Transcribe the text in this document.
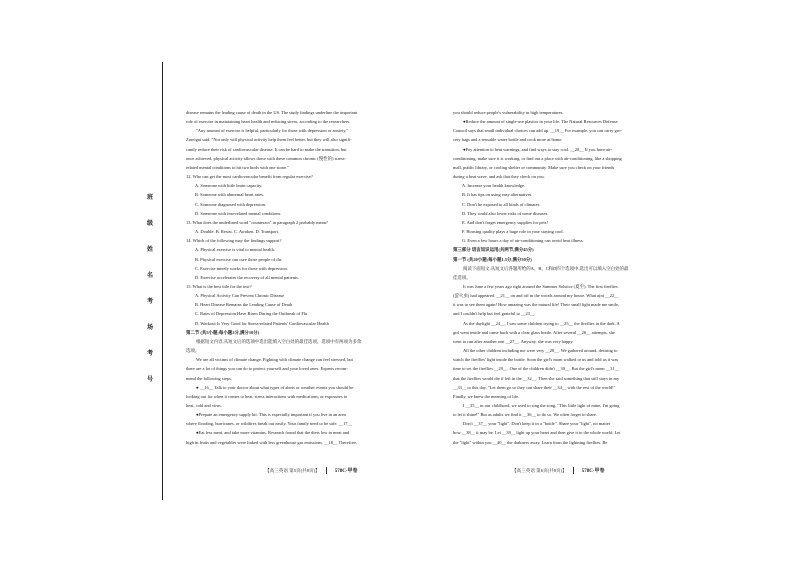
班
级
姓
名
考
场
考
号

disease remains the leading cause of death in the US. The study findings underline the important

role of exercise in maintaining heart health and reducing stress, according to the researchers.

"Any amount of exercise is helpful, particularly for those with depression or anxiety,"

Zureigat said. "Not only will physical activity help them feel better, but they will also signifi-

cantly reduce their risk of cardiovascular disease. It can be hard to make the transition, but

once achieved, physical activity allows those with these common chronic (慢性的) stress-

related mental conditions to hit two birds with one stone."

12. Who can get the most cardiovascular benefit from regular exercise?

A. Someone with little brain capacity.

B. Someone with abnormal heart rates.

C. Someone diagnosed with depression.

D. Someone with fear-related mental conditions.

13. What does the underlined word "counteract" in paragraph 2 probably mean?

A. Double. B. Resist. C. Awaken. D. Transport.

14. Which of the following may the findings support?

A. Physical exercise is vital to mental health.

B. Physical exercise can cure those people of flu.

C. Exercise merely works for those with depression.

D. Exercise accelerates the recovery of all mental patients.

15. What is the best title for the text?

A. Physical Activity Can Prevent Chronic Disease

B. Heart Disease Remains the Leading Cause of Death

C. Rates of Depression Have Risen During the Outbreak of Flu

D. Workout Is Very Good for Stress-related Patients' Cardiovascular Health

第二节 (共5小题;每小题2分,满分10分)

根据短文内容,从短文后的选项中选出能填入空白处的最佳选项。选项中有两项为多余

选项。

We are all victims of climate change. Fighting with climate change can feel stressed, but

there are a lot of things you can do to protect yourself and your loved ones. Experts recom-

mend the following steps.

● __16__ Talk to your doctor about what types of alerts or weather events you should be

looking out for when it comes to heat, stress interactions with medications, or exposures to

heat, cold and virus.

●Prepare an emergency supply kit. This is especially important if you live in an area

where flooding, hurricanes, or wildfires break out easily. Your family need to be safe. __17__

●Eat less meat, and take more vitamins. Research found that the diets low in meat and

high in fruits and vegetables were linked with less greenhouse gas emissions. __18__ Therefore,

【高三英语 第5页(共8页)】	578C-甲卷

you should reduce people's vulnerability in high temperatures.

●Reduce the amount of single-use plastics in your life. The Natural Resources Defense

Council says that small individual choices can add up. __19__ For example, you can carry gro-

cery bags and a reusable water bottle and cook more at home.

●Pay attention to heat warnings, and find ways to stay cool. __20__ If you have air-

conditioning, make sure it is working, or find out a place with air-conditioning, like a shopping

mall, public library, or cooling shelter or community. Make sure you check on your friends

during a heat wave, and ask that they check on you.

A. Increase your health knowledge.

B. It has tips on using easy alternatives.

C. Don't be exposed to all kinds of climates.

D. They could also lower risks of some diseases.

E. And don't forget emergency supplies for pets!

F. Housing quality plays a huge role in your staying cool.

G. Even a few hours a day of air-conditioning can avoid heat illness.

第三部分 语言知识运用(共两节,满分45分)

第一节 (共20小题;每小题1.5分,满分30分)

阅读下面短文,从短文后各题所给的A、B、C和D四个选项中,选出可以填入空白处的最

佳选项。

It was June a few years ago right around the Summer Solstice (夏至). The first fireflies

(萤火虫) had appeared. __21__ on and off in the woods around my house. What a(n) __22__

it was to see them again! How amazing was the natural life! Their small light made me smile,

and I couldn't help but feel grateful to __23__.

As the daylight __24__, I saw some children trying to __25__ the fireflies in the dark. A

girl went inside and came back with a clear glass bottle. After several __26__ attempts, she

went to run after another one __27__. Anyway, she was very happy.

All the other children including me were very __28__. We gathered around, desiring to

watch the fireflies' light inside the bottle. Soon the girl's mom walked to us and told us it was

time to set the fireflies __29__. One of the children didn't __30__. But the girl's mom __31__

that the fireflies would die if left in the __32__. Then she said something that still stays in my

__33__ to this day. "Let them go so they can share their __34__ with the rest of the world!"

Finally, we knew the meaning of life.

I __35__ in our childhood, we used to sing the song, "This little light of mine, I'm going

to let it shine!" But as adults we find it __36__ to do so. We often forget to share.

Don't __37__ your "light". Don't keep it in a "bottle". Share your "light", no matter

how __38__ it may be. Let __39__ light up your heart and then give it to the whole world. Let

the "light" within you __40__ the darkness away. Learn from the lightning fireflies. Be

【高三英语 第6页(共8页)】	578C-甲卷
